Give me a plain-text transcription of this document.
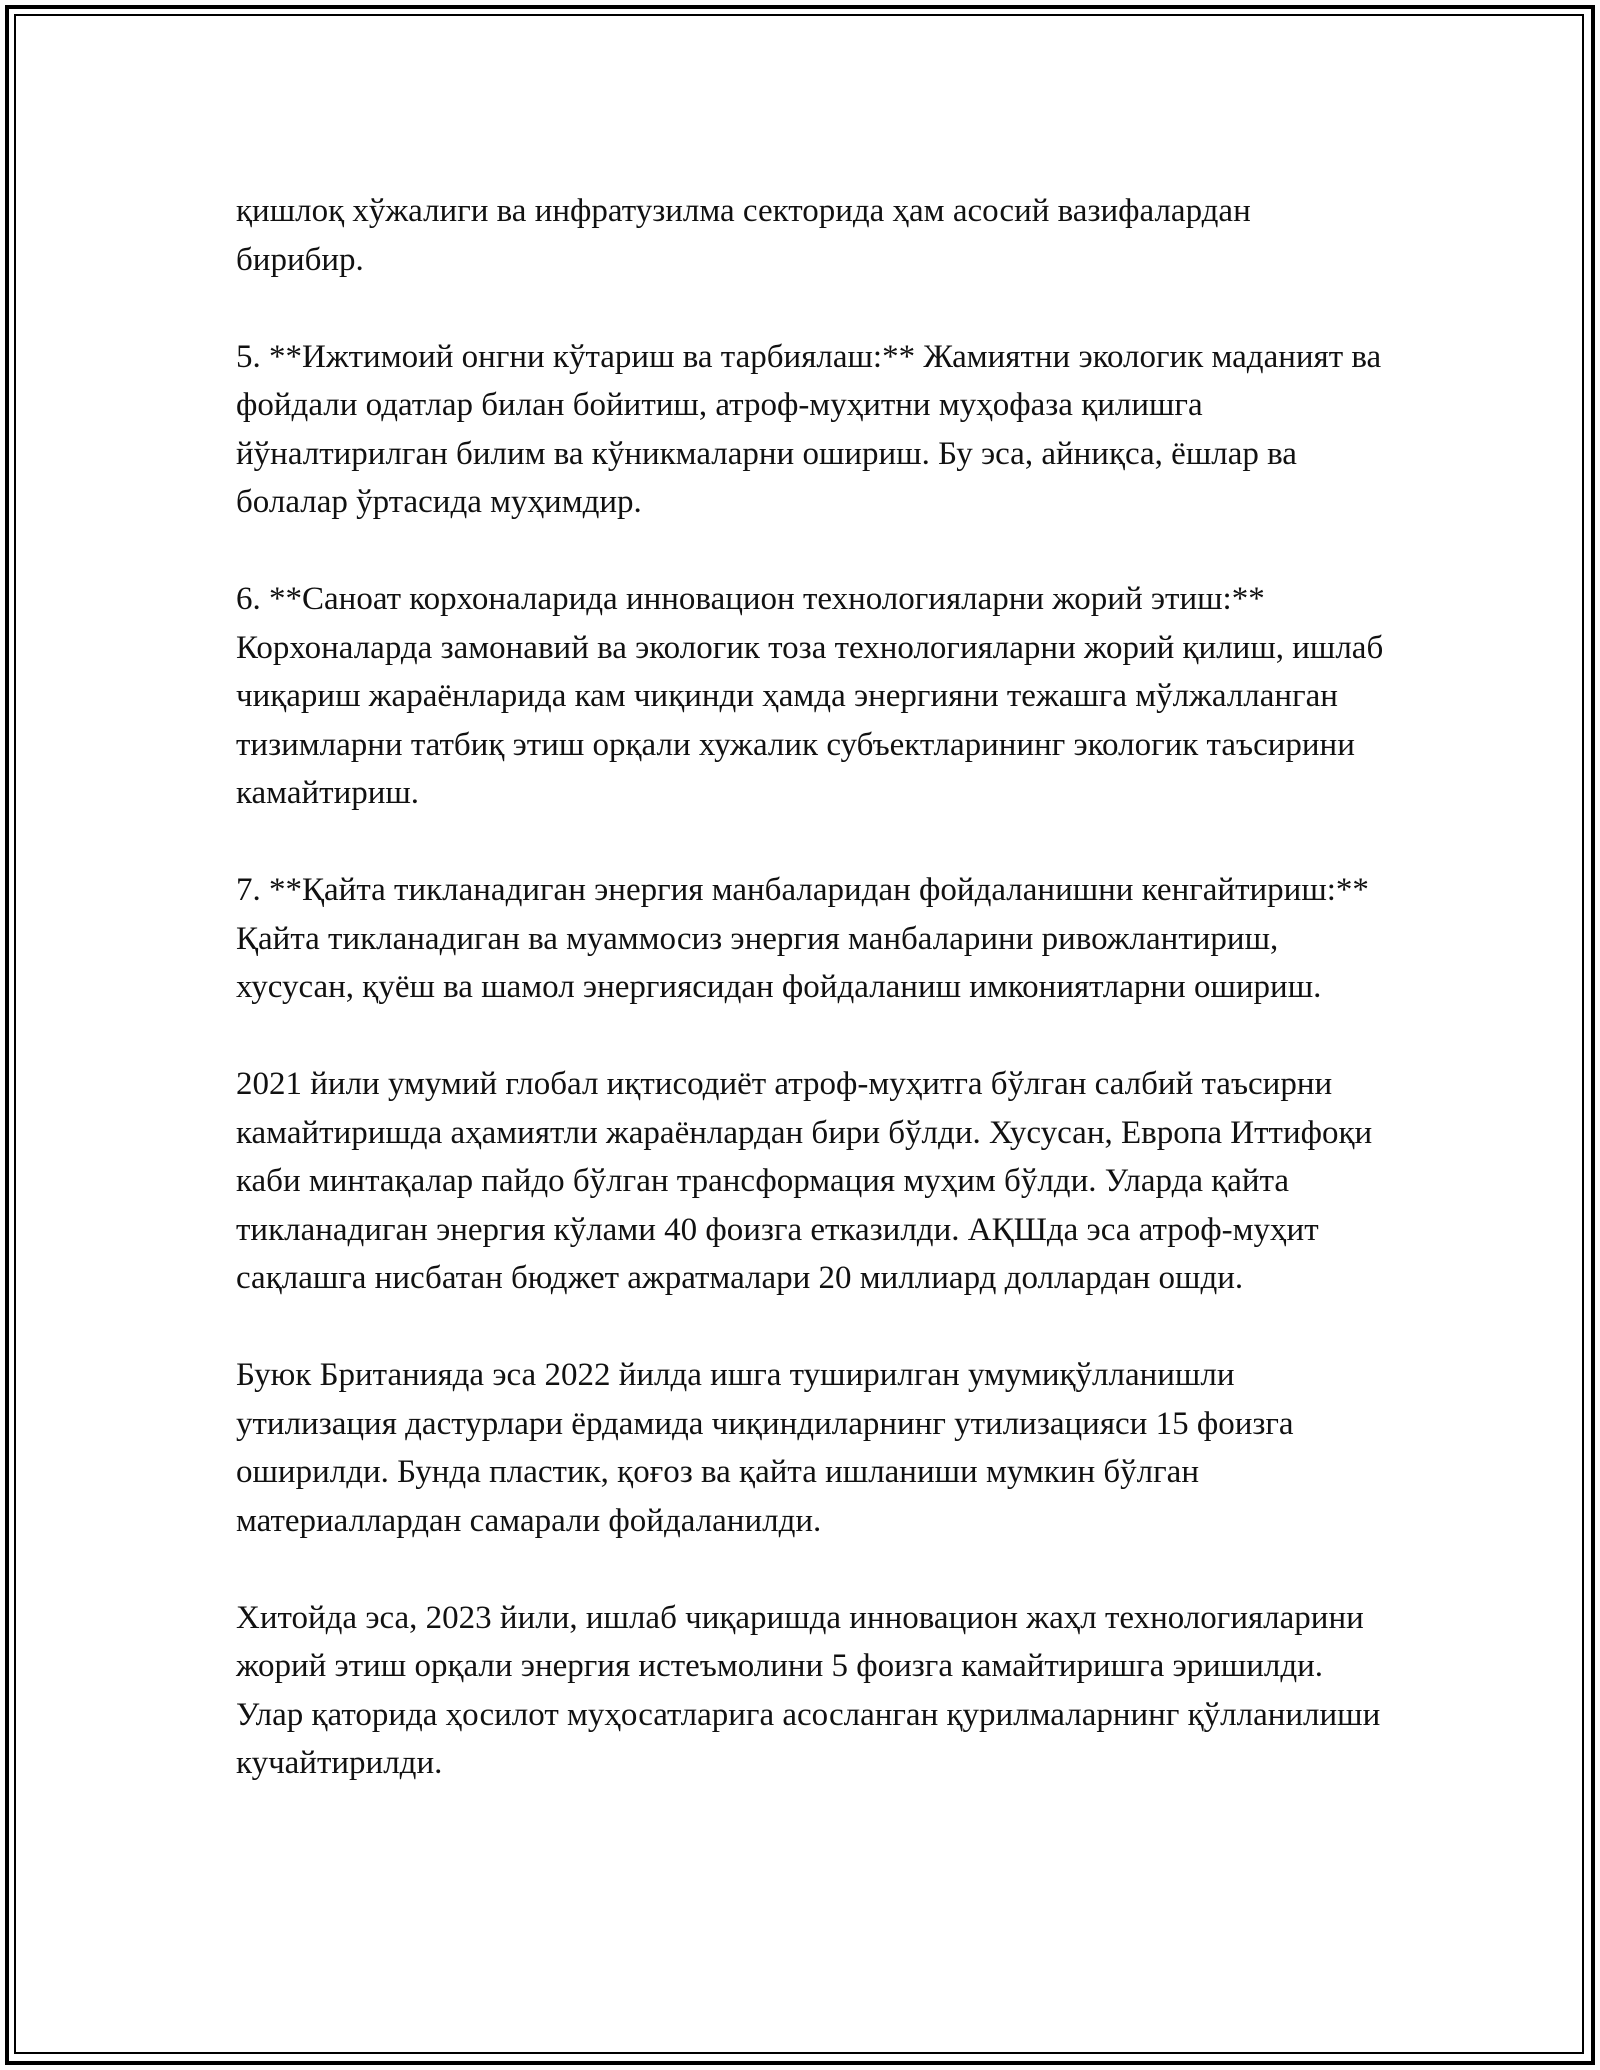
қишлоқ хўжалиги ва инфратузилма секторида ҳам асосий вазифалардан бирибир.

5. **Ижтимоий онгни кўтариш ва тарбиялаш:** Жамиятни экологик маданият ва фойдали одатлар билан бойитиш, атроф-муҳитни муҳофаза қилишга йўналтирилган билим ва кўникмаларни ошириш. Бу эса, айниқса, ёшлар ва болалар ўртасида муҳимдир.

6. **Саноат корхоналарида инновацион технологияларни жорий этиш:** Корхоналарда замонавий ва экологик тоза технологияларни жорий қилиш, ишлаб чиқариш жараёнларида кам чиқинди ҳамда энергияни тежашга мўлжалланган тизимларни татбиқ этиш орқали хужалик субъектларининг экологик таъсирини камайтириш.

7. **Қайта тикланадиган энергия манбаларидан фойдаланишни кенгайтириш:** Қайта тикланадиган ва муаммосиз энергия манбаларини ривожлантириш, хусусан, қуёш ва шамол энергиясидан фойдаланиш имкониятларни ошириш.

2021 йили умумий глобал иқтисодиёт атроф-муҳитга бўлган салбий таъсирни камайтиришда аҳамиятли жараёнлардан бири бўлди. Хусусан, Европа Иттифоқи каби минтақалар пайдо бўлган трансформация муҳим бўлди. Уларда қайта тикланадиган энергия кўлами 40 фоизга етказилди. АҚШда эса атроф-муҳит сақлашга нисбатан бюджет ажратмалари 20 миллиард доллардан ошди.

Буюк Британияда эса 2022 йилда ишга туширилган умумиқўлланишли утилизация дастурлари ёрдамида чиқиндиларнинг утилизацияси 15 фоизга оширилди. Бунда пластик, қоғоз ва қайта ишланиши мумкин бўлган материаллардан самарали фойдаланилди.

Хитойда эса, 2023 йили, ишлаб чиқаришда инновацион жаҳл технологияларини жорий этиш орқали энергия истеъмолини 5 фоизга камайтиришга эришилди. Улар қаторида ҳосилот муҳосатларига асосланган қурилмаларнинг қўлланилиши кучайтирилди.
